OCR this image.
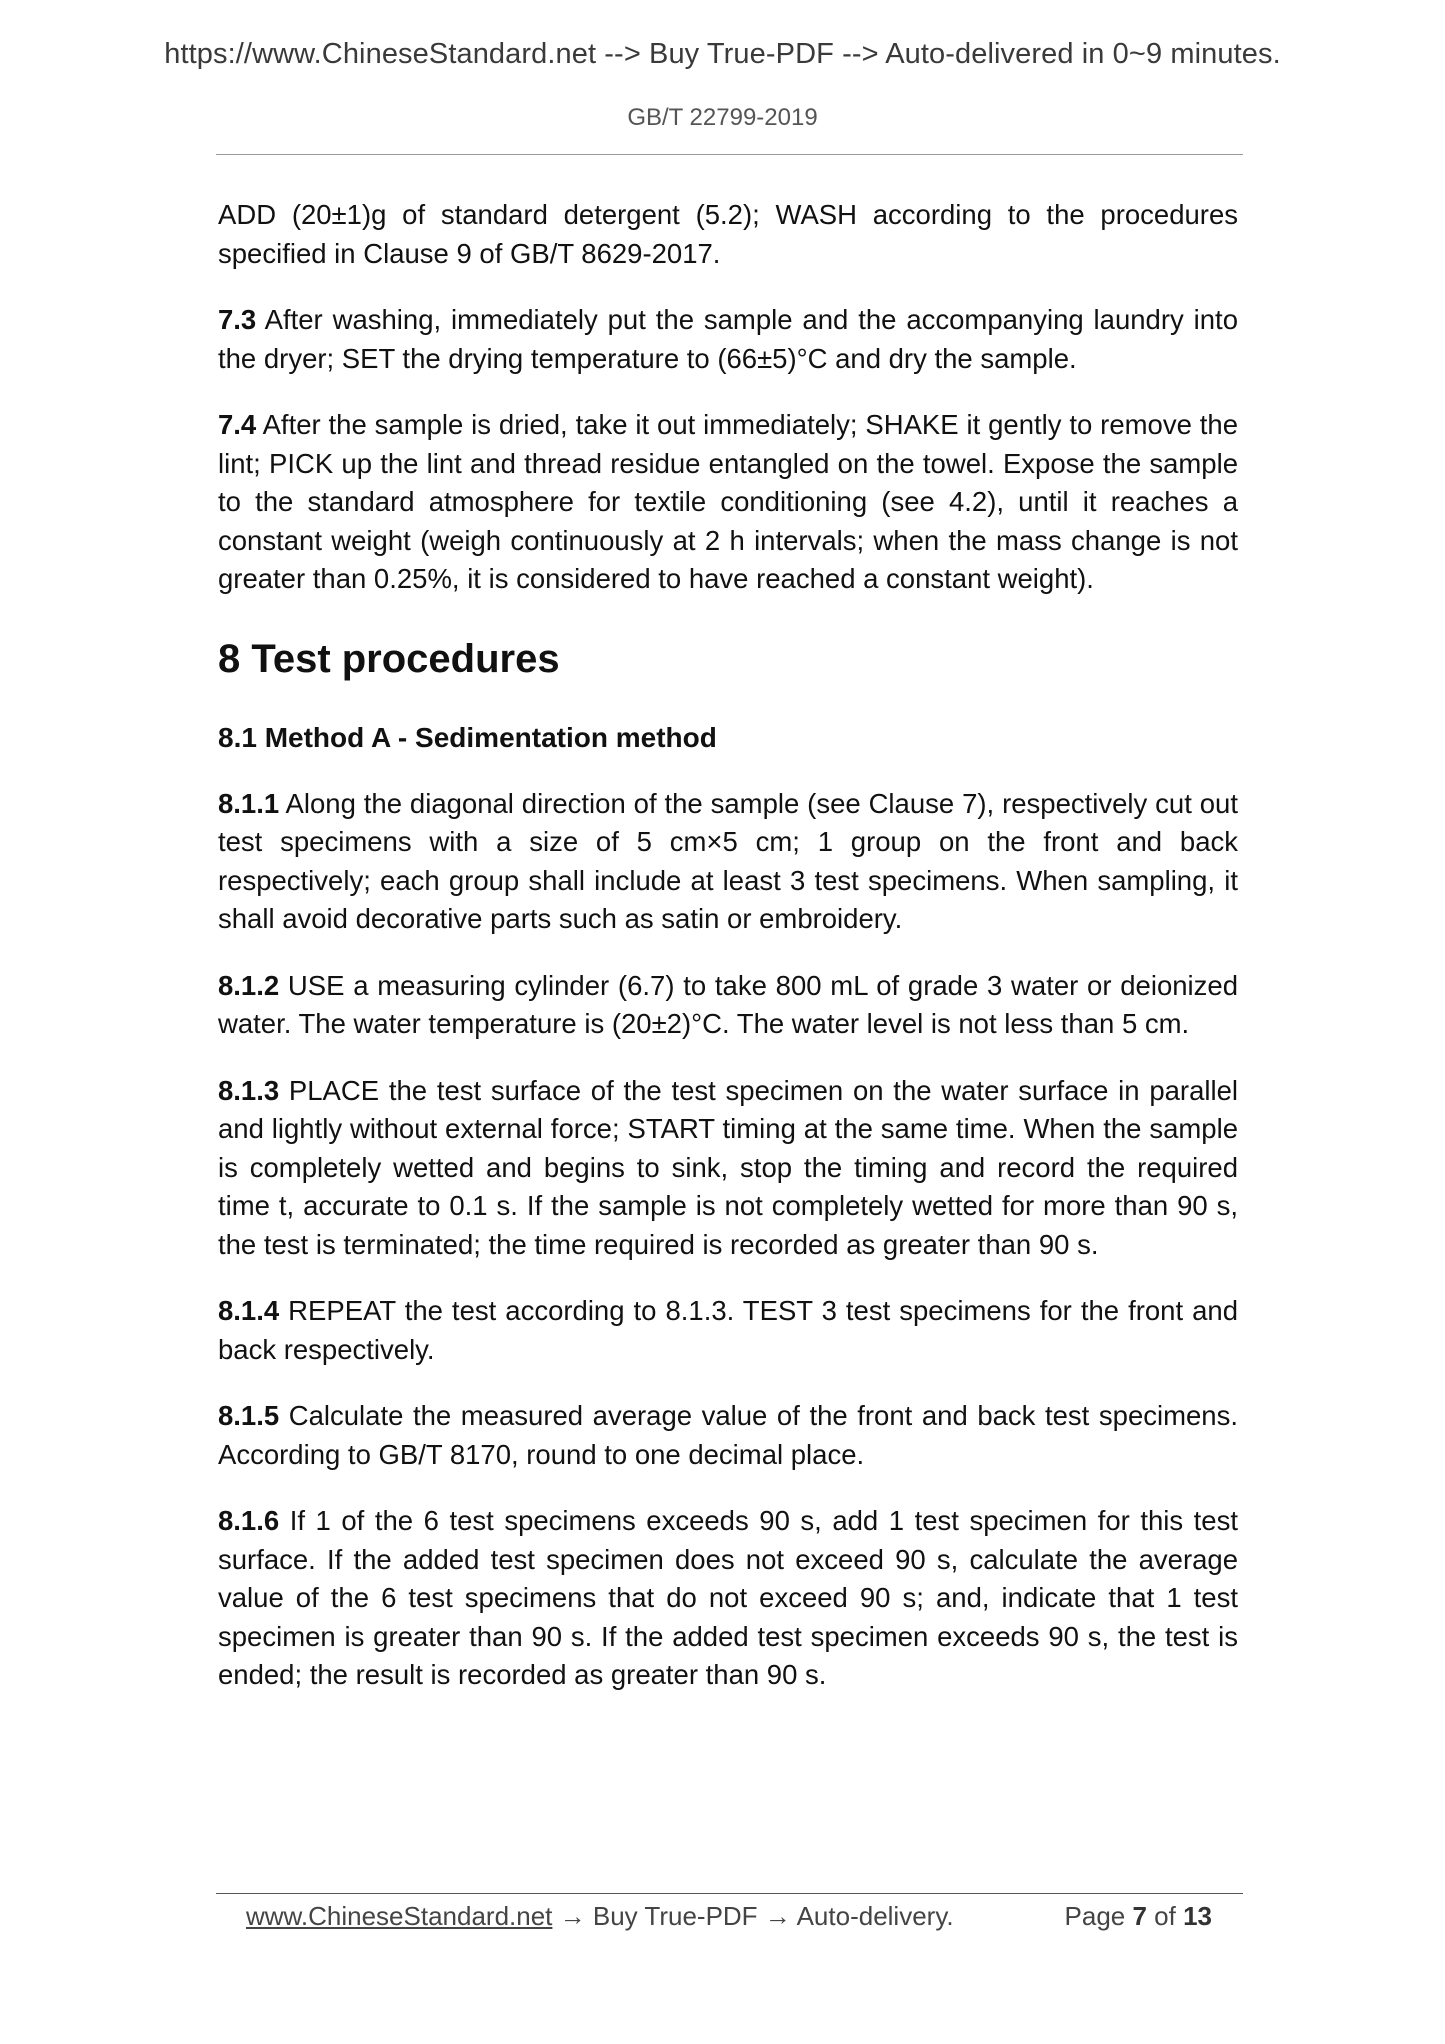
https://www.ChineseStandard.net --> Buy True-PDF --> Auto-delivered in 0~9 minutes.
GB/T 22799-2019

ADD (20±1)g of standard detergent (5.2); WASH according to the procedures specified in Clause 9 of GB/T 8629-2017.

7.3 After washing, immediately put the sample and the accompanying laundry into the dryer; SET the drying temperature to (66±5)°C and dry the sample.

7.4 After the sample is dried, take it out immediately; SHAKE it gently to remove the lint; PICK up the lint and thread residue entangled on the towel. Expose the sample to the standard atmosphere for textile conditioning (see 4.2), until it reaches a constant weight (weigh continuously at 2 h intervals; when the mass change is not greater than 0.25%, it is considered to have reached a constant weight).

8 Test procedures
8.1 Method A - Sedimentation method

8.1.1 Along the diagonal direction of the sample (see Clause 7), respectively cut out test specimens with a size of 5 cm×5 cm; 1 group on the front and back respectively; each group shall include at least 3 test specimens. When sampling, it shall avoid decorative parts such as satin or embroidery.

8.1.2 USE a measuring cylinder (6.7) to take 800 mL of grade 3 water or deionized water. The water temperature is (20±2)°C. The water level is not less than 5 cm.

8.1.3 PLACE the test surface of the test specimen on the water surface in parallel and lightly without external force; START timing at the same time. When the sample is completely wetted and begins to sink, stop the timing and record the required time t, accurate to 0.1 s. If the sample is not completely wetted for more than 90 s, the test is terminated; the time required is recorded as greater than 90 s.

8.1.4 REPEAT the test according to 8.1.3. TEST 3 test specimens for the front and back respectively.

8.1.5 Calculate the measured average value of the front and back test specimens. According to GB/T 8170, round to one decimal place.

8.1.6 If 1 of the 6 test specimens exceeds 90 s, add 1 test specimen for this test surface. If the added test specimen does not exceed 90 s, calculate the average value of the 6 test specimens that do not exceed 90 s; and, indicate that 1 test specimen is greater than 90 s. If the added test specimen exceeds 90 s, the test is ended; the result is recorded as greater than 90 s.

www.ChineseStandard.net → Buy True-PDF → Auto-delivery.	Page 7 of 13
